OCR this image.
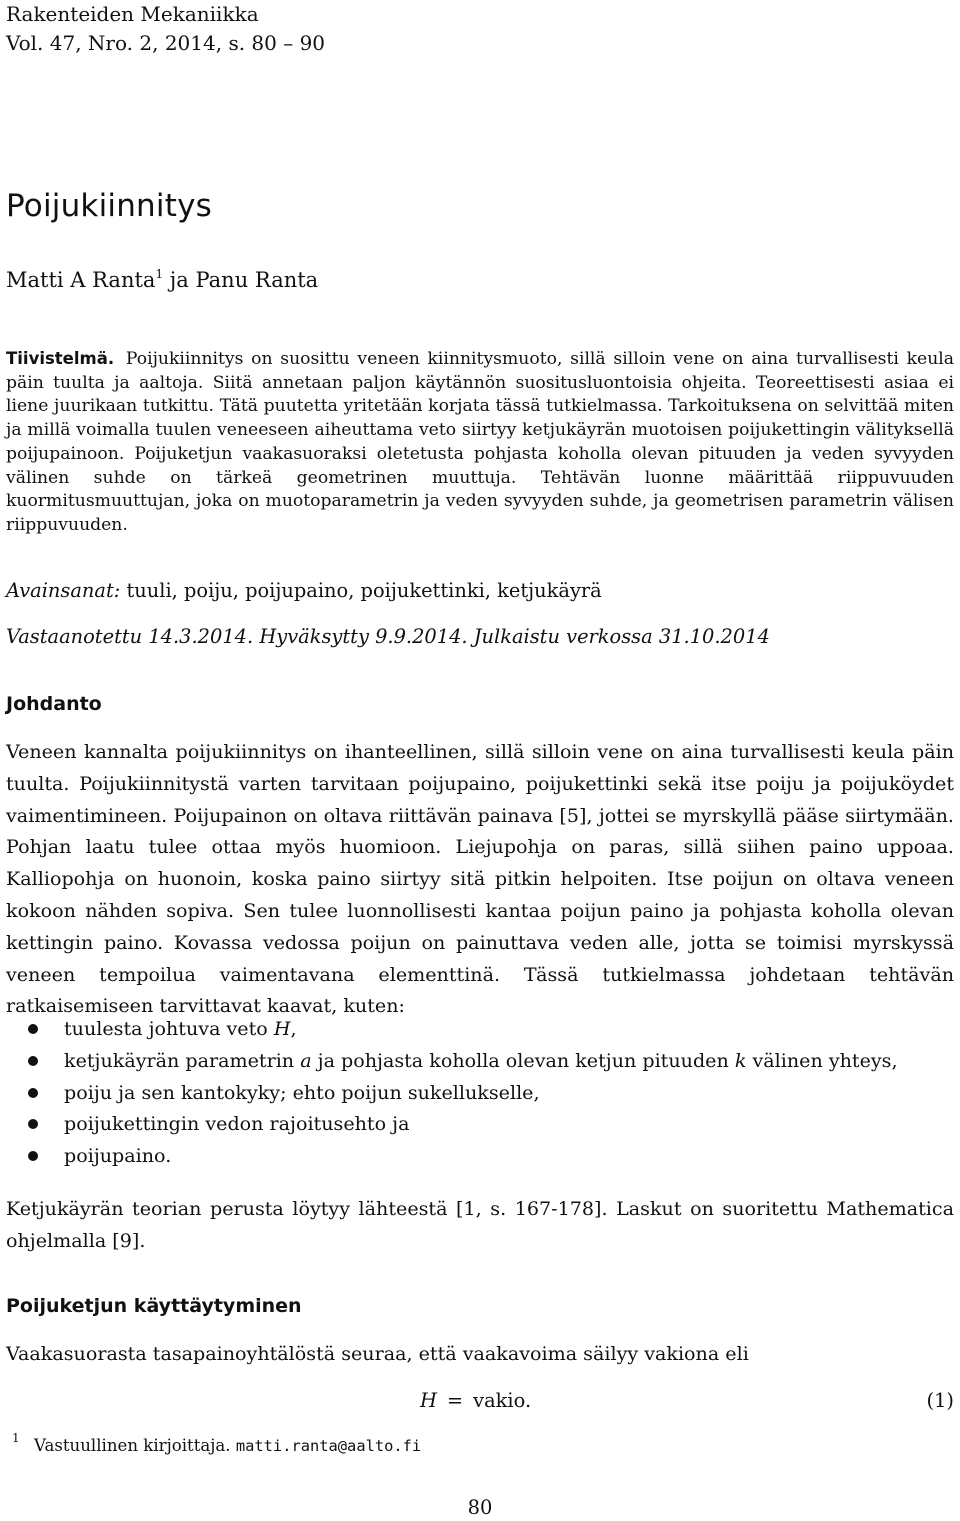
Rakenteiden Mekaniikka
Vol. 47, Nro. 2, 2014, s. 80 – 90
Poijukiinnitys
Matti A Ranta$^1$ ja Panu Ranta
Tiivistelmä. Poijukiinnitys on suosittu veneen kiinnitysmuoto, sillä silloin vene on aina turvallisesti keula päin tuulta ja aaltoja. Siitä annetaan paljon käytännön suositusluontoisia ohjeita. Teoreettisesti asiaa ei liene juurikaan tutkittu. Tätä puutetta yritetään korjata tässä tutkielmassa. Tarkoituksena on selvittää miten ja millä voimalla tuulen veneeseen aiheuttama veto siirtyy ketjukäyrän muotoisen poijukettingin välityksellä poijupainoon. Poijuketjun vaakasuoraksi oletetusta pohjasta koholla olevan pituuden ja veden syvyyden välinen suhde on tärkeä geometrinen muuttuja. Tehtävän luonne määrittää riippuvuuden kuormitusmuuttujan, joka on muotoparametrin ja veden syvyyden suhde, ja geometrisen parametrin välisen riippuvuuden.
Avainsanat: tuuli, poiju, poijupaino, poijukettinki, ketjukäyrä
Vastaanotettu 14.3.2014. Hyväksytty 9.9.2014. Julkaistu verkossa 31.10.2014
Johdanto
Veneen kannalta poijukiinnitys on ihanteellinen, sillä silloin vene on aina turvallisesti keula päin tuulta. Poijukiinnitystä varten tarvitaan poijupaino, poijukettinki sekä itse poiju ja poijuköydet vaimentimineen. Poijupainon on oltava riittävän painava [5], jottei se myrskyllä pääse siirtymään. Pohjan laatu tulee ottaa myös huomioon. Liejupohja on paras, sillä siihen paino uppoaa. Kalliopohja on huonoin, koska paino siirtyy sitä pitkin helpoiten. Itse poijun on oltava veneen kokoon nähden sopiva. Sen tulee luonnollisesti kantaa poijun paino ja pohjasta koholla olevan kettingin paino. Kovassa vedossa poijun on painuttava veden alle, jotta se toimisi myrskyssä veneen tempoilua vaimentavana elementtinä. Tässä tutkielmassa johdetaan tehtävän ratkaisemiseen tarvittavat kaavat, kuten:
tuulesta johtuva veto H,
ketjukäyrän parametrin a ja pohjasta koholla olevan ketjun pituuden k välinen yhteys,
poiju ja sen kantokyky; ehto poijun sukellukselle,
poijukettingin vedon rajoitusehto ja
poijupaino.
Ketjukäyrän teorian perusta löytyy lähteestä [1, s. 167-178]. Laskut on suoritettu Mathematica ohjelmalla [9].
Poijuketjun käyttäytyminen
Vaakasuorasta tasapainoyhtälöstä seuraa, että vaakavoima säilyy vakiona eli
H = vakio.	(1)
1 Vastuullinen kirjoittaja. matti.ranta@aalto.fi
80
